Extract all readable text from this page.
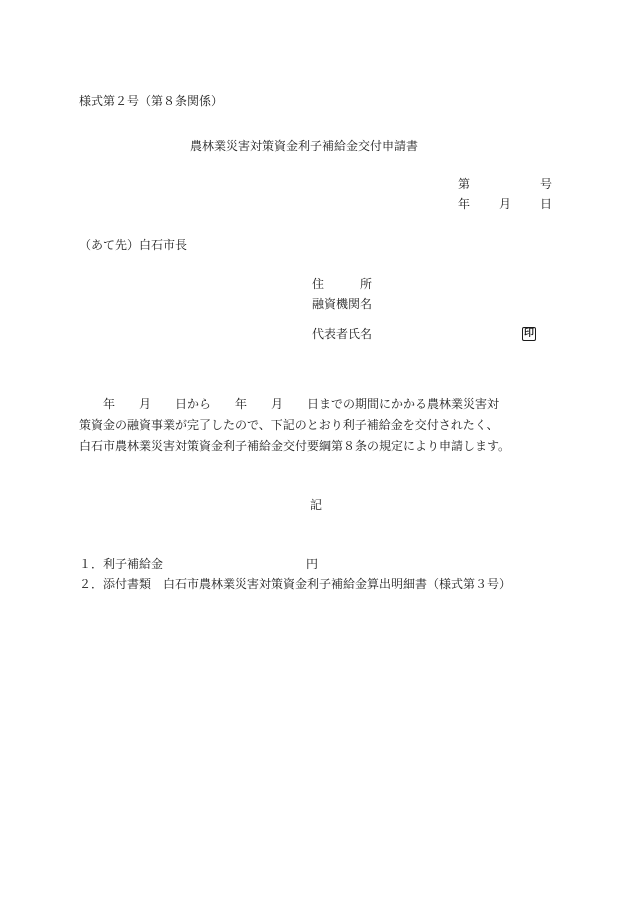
様式第２号（第８条関係）
農林業災害対策資金利子補給金交付申請書
第	号
年 月 日
（あて先）白石市長
住　　　所
融資機関名
代表者氏名	印
　　年　　月　　日から　　年　　月　　日までの期間にかかる農林業災害対
策資金の融資事業が完了したので、下記のとおり利子補給金を交付されたく、
白石市農林業災害対策資金利子補給金交付要綱第８条の規定により申請します。
記
１．利子補給金	円
２．添付書類　白石市農林業災害対策資金利子補給金算出明細書（様式第３号）
